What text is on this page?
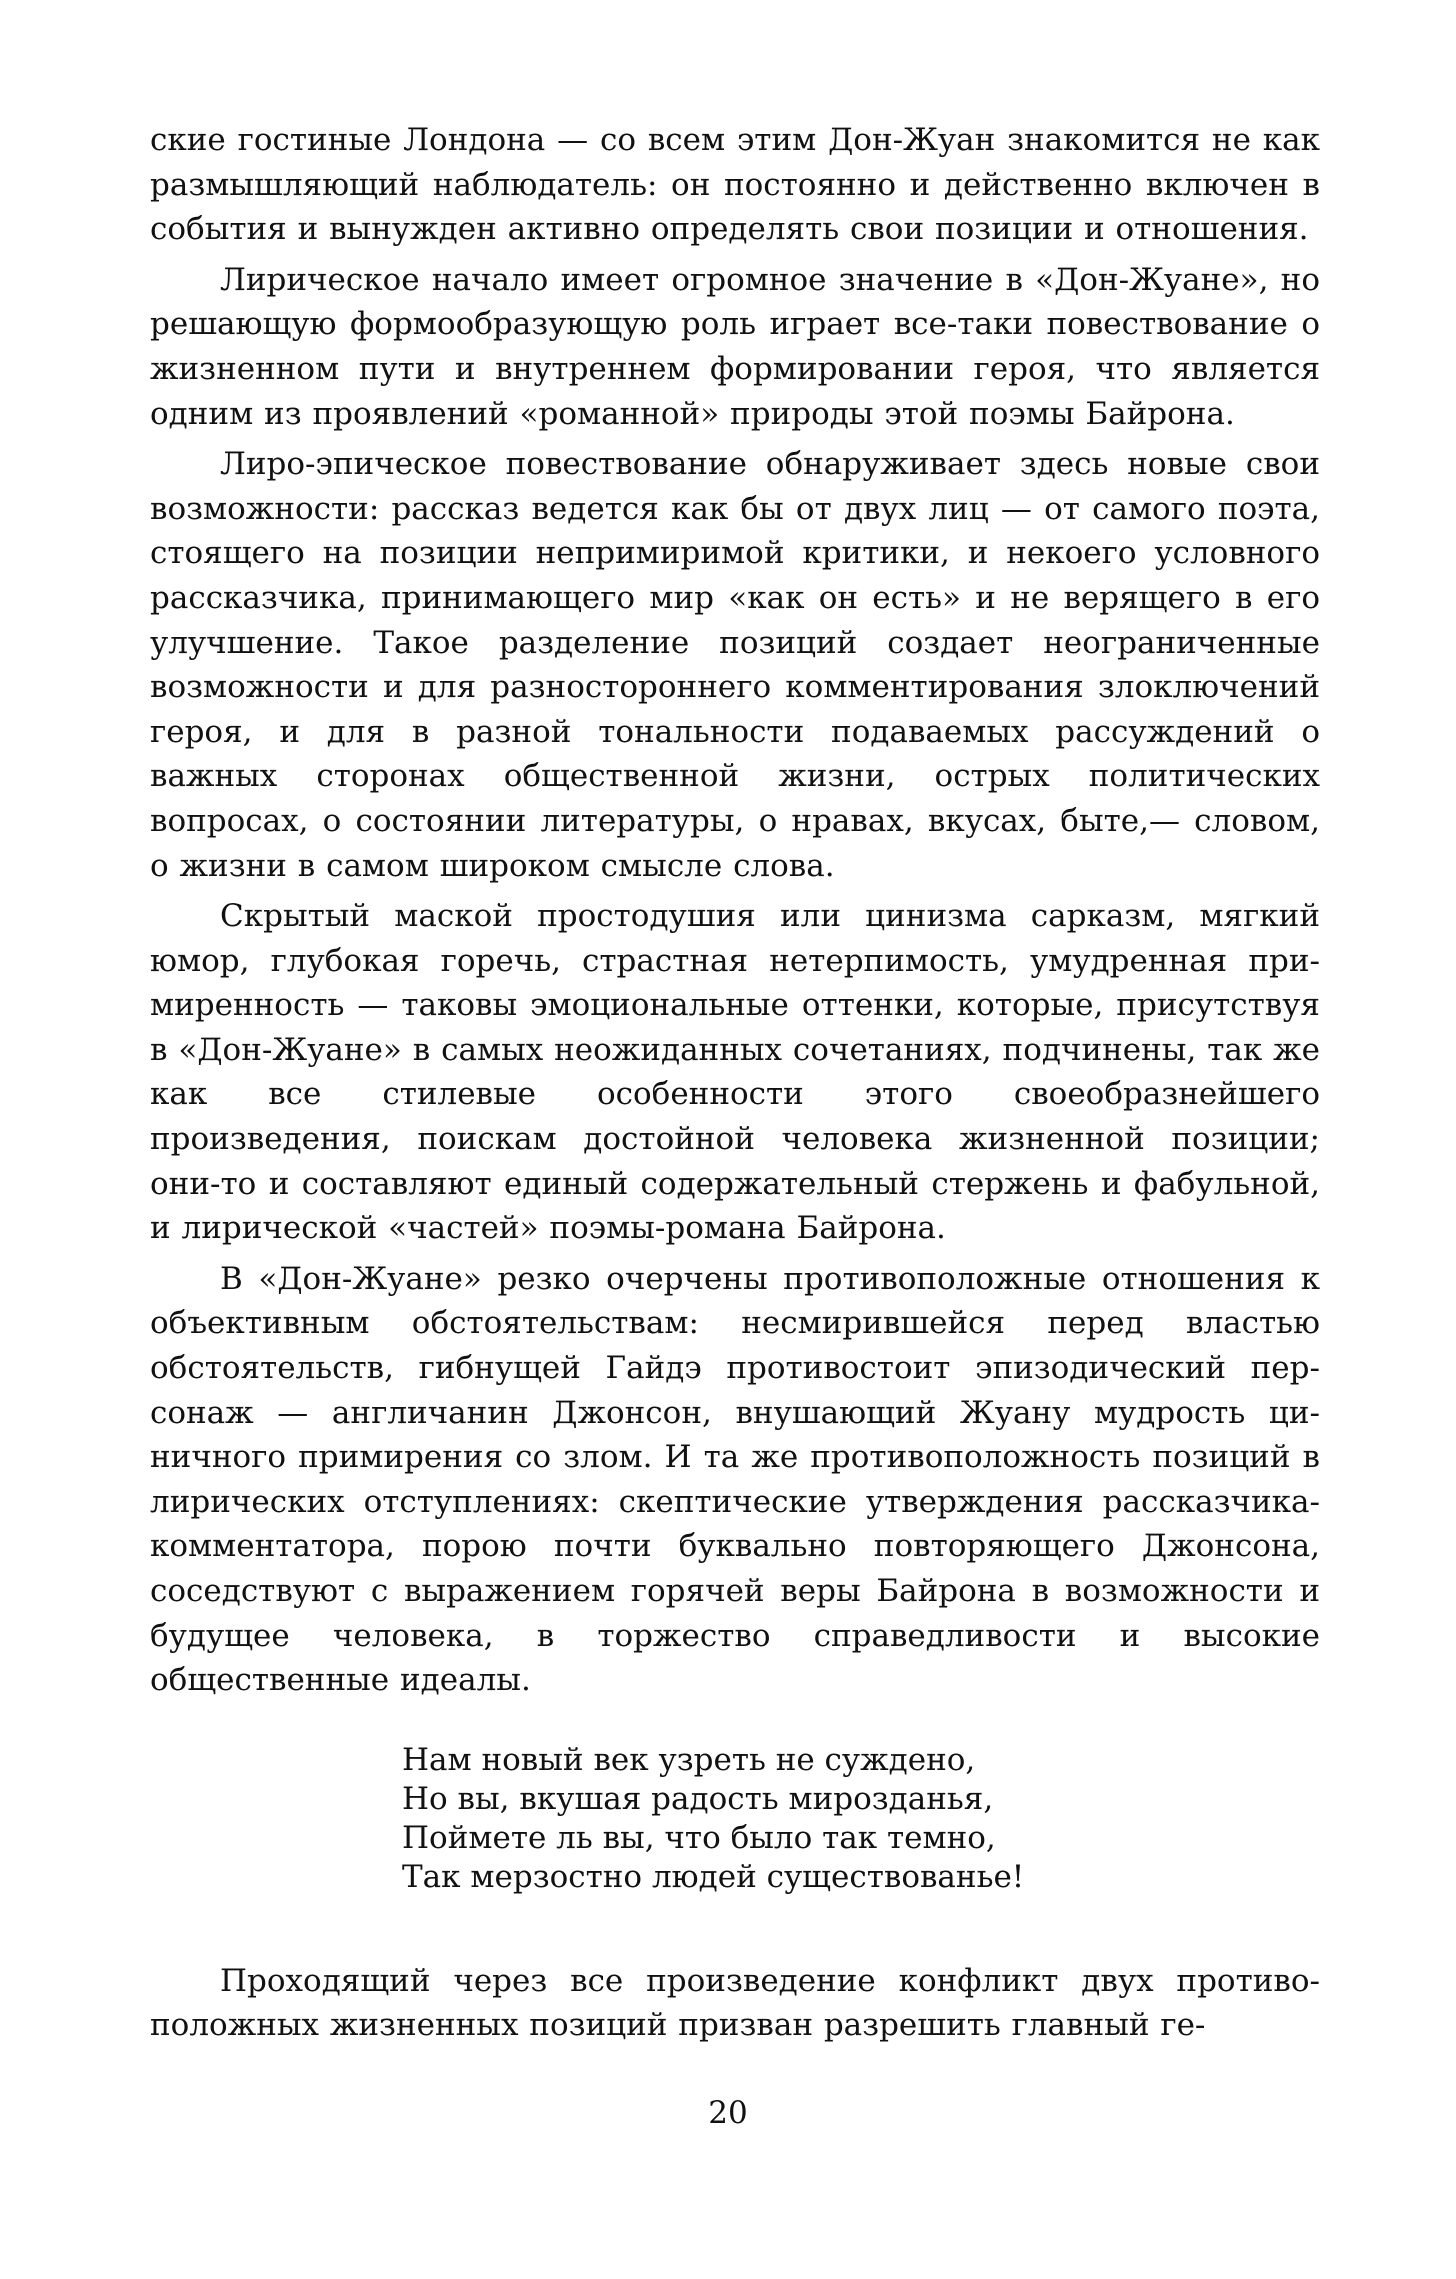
ские гостиные Лондона — со всем этим Дон-Жуан знакомится не как размышляющий наблюдатель: он постоянно и действенно включен в события и вынужден активно определять свои позиции и отношения.

Лирическое начало имеет огромное значение в «Дон-Жуане», но решающую формообразующую роль играет все-таки повествование о жизненном пути и внутреннем формировании героя, что является одним из проявлений «романной» природы этой поэмы Байрона.

Лиро-эпическое повествование обнаруживает здесь новые свои возможности: рассказ ведется как бы от двух лиц — от самого поэта, стоящего на позиции непримиримой критики, и некоего условного рассказчика, принимающего мир «как он есть» и не верящего в его улучшение. Такое разделение позиций создает неограниченные возможности и для разностороннего комментирования злоключений героя, и для в разной тональности подаваемых рассуждений о важных сторонах общественной жизни, острых политических вопросах, о состоянии литературы, о нравах, вкусах, быте,— словом, о жизни в самом широком смысле слова.

Скрытый маской простодушия или цинизма сарказм, мягкий юмор, глубокая горечь, страстная нетерпимость, умудренная примиренность — таковы эмоциональные оттенки, которые, присутствуя в «Дон-Жуане» в самых неожиданных сочетаниях, подчинены, так же как все стилевые особенности этого своеобразнейшего произведения, поискам достойной человека жизненной позиции; они-то и составляют единый содержательный стержень и фабульной, и лирической «частей» поэмы-романа Байрона.

В «Дон-Жуане» резко очерчены противоположные отношения к объективным обстоятельствам: несмирившейся перед властью обстоятельств, гибнущей Гайдэ противостоит эпизодический персонаж — англичанин Джонсон, внушающий Жуану мудрость циничного примирения со злом. И та же противоположность позиций в лирических отступлениях: скептические утверждения рассказчика-комментатора, порою почти буквально повторяющего Джонсона, соседствуют с выражением горячей веры Байрона в возможности и будущее человека, в торжество справедливости и высокие общественные идеалы.

Нам новый век узреть не суждено,
Но вы, вкушая радость мирозданья,
Поймете ль вы, что было так темно,
Так мерзостно людей существованье!

Проходящий через все произведение конфликт двух противоположных жизненных позиций призван разрешить главный ге-

20
